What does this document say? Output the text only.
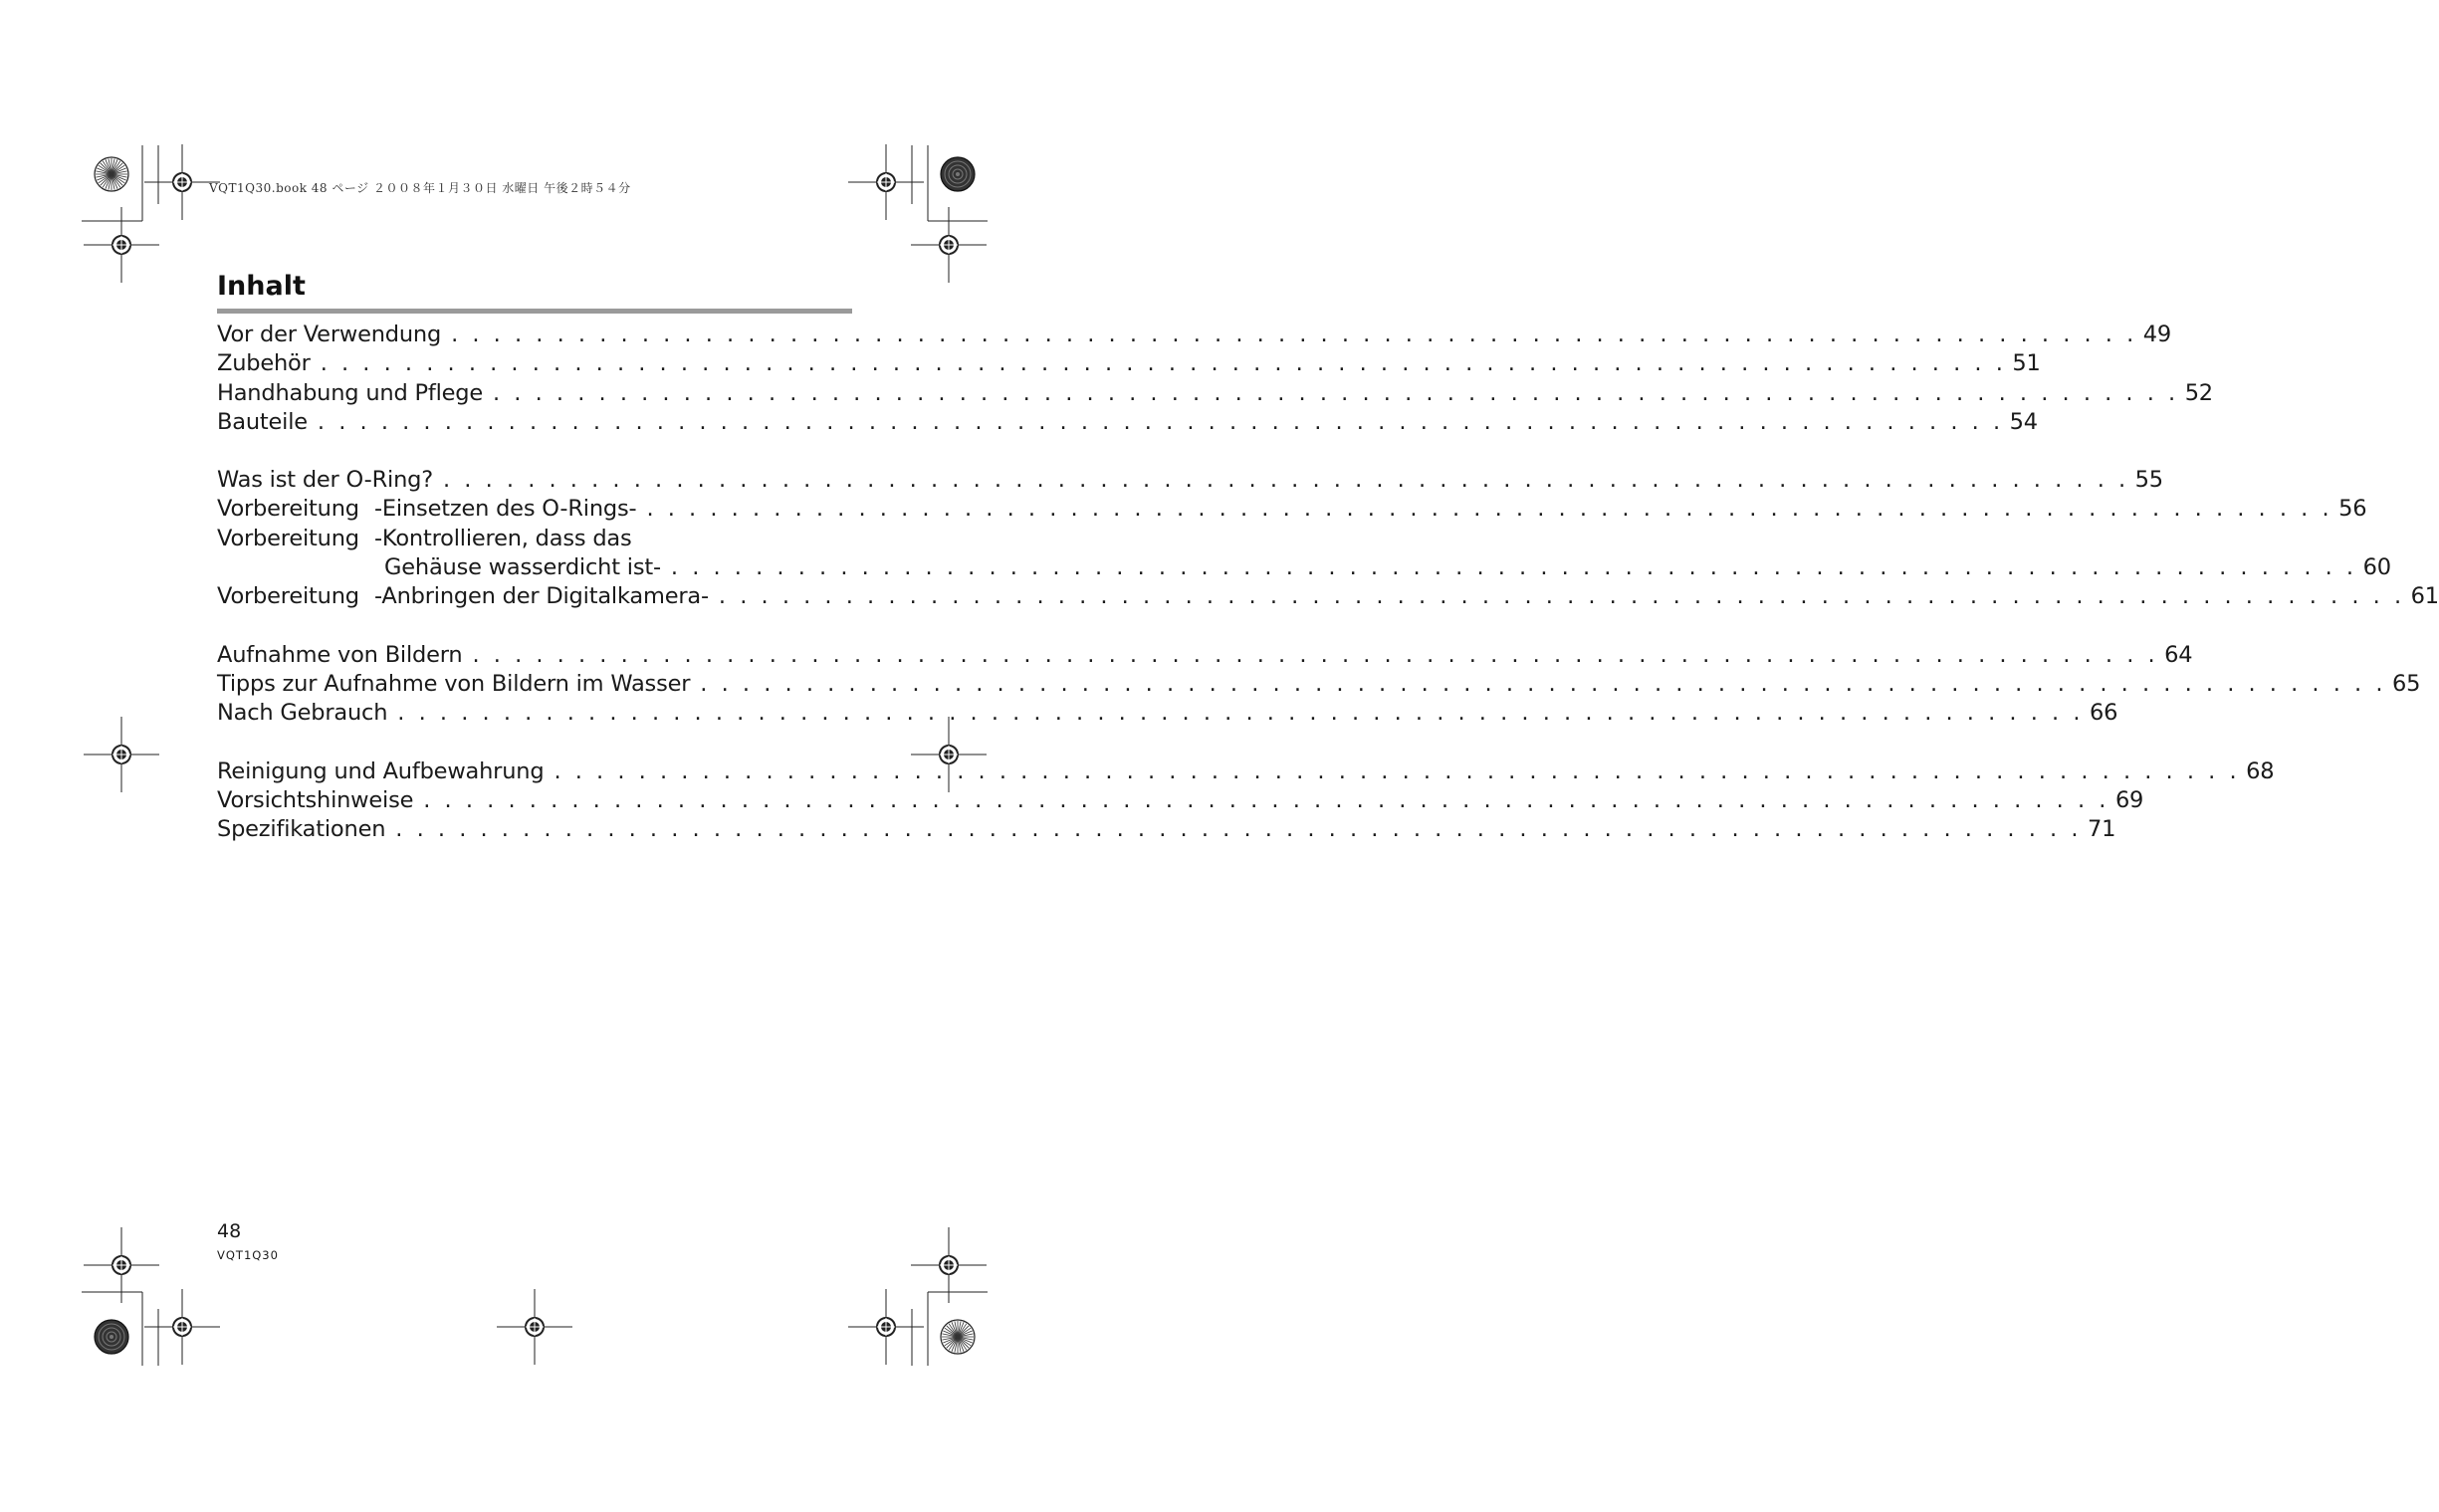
VQT1Q30.book 48 ページ ２００８年１月３０日 水曜日 午後２時５４分
Inhalt
Vor der Verwendung . . . . . . . . . . . . . . . . . . . . . . . . . . . . . . . . . . . . . . . . . . . . . . . . . . . . . . . . . . . . . . . . . . . . . . . . . . . . . . . . 49
Zubehör . . . . . . . . . . . . . . . . . . . . . . . . . . . . . . . . . . . . . . . . . . . . . . . . . . . . . . . . . . . . . . . . . . . . . . . . . . . . . . . . 51
Handhabung und Pflege . . . . . . . . . . . . . . . . . . . . . . . . . . . . . . . . . . . . . . . . . . . . . . . . . . . . . . . . . . . . . . . . . . . . . . . . . . . . . . . . 52
Bauteile . . . . . . . . . . . . . . . . . . . . . . . . . . . . . . . . . . . . . . . . . . . . . . . . . . . . . . . . . . . . . . . . . . . . . . . . . . . . . . . . 54
Was ist der O-Ring? . . . . . . . . . . . . . . . . . . . . . . . . . . . . . . . . . . . . . . . . . . . . . . . . . . . . . . . . . . . . . . . . . . . . . . . . . . . . . . . . 55
Vorbereitung -Einsetzen des O-Rings- . . . . . . . . . . . . . . . . . . . . . . . . . . . . . . . . . . . . . . . . . . . . . . . . . . . . . . . . . . . . . . . . . . . . . . . . . . . . . . . . 56
Vorbereitung -Kontrollieren, dass das
Gehäuse wasserdicht ist- . . . . . . . . . . . . . . . . . . . . . . . . . . . . . . . . . . . . . . . . . . . . . . . . . . . . . . . . . . . . . . . . . . . . . . . . . . . . . . . . 60
Vorbereitung -Anbringen der Digitalkamera- . . . . . . . . . . . . . . . . . . . . . . . . . . . . . . . . . . . . . . . . . . . . . . . . . . . . . . . . . . . . . . . . . . . . . . . . . . . . . . . . 61
Aufnahme von Bildern . . . . . . . . . . . . . . . . . . . . . . . . . . . . . . . . . . . . . . . . . . . . . . . . . . . . . . . . . . . . . . . . . . . . . . . . . . . . . . . . 64
Tipps zur Aufnahme von Bildern im Wasser . . . . . . . . . . . . . . . . . . . . . . . . . . . . . . . . . . . . . . . . . . . . . . . . . . . . . . . . . . . . . . . . . . . . . . . . . . . . . . . . 65
Nach Gebrauch . . . . . . . . . . . . . . . . . . . . . . . . . . . . . . . . . . . . . . . . . . . . . . . . . . . . . . . . . . . . . . . . . . . . . . . . . . . . . . . . 66
Reinigung und Aufbewahrung . . . . . . . . . . . . . . . . . . . . . . . . . . . . . . . . . . . . . . . . . . . . . . . . . . . . . . . . . . . . . . . . . . . . . . . . . . . . . . . . 68
Vorsichtshinweise . . . . . . . . . . . . . . . . . . . . . . . . . . . . . . . . . . . . . . . . . . . . . . . . . . . . . . . . . . . . . . . . . . . . . . . . . . . . . . . . 69
Spezifikationen . . . . . . . . . . . . . . . . . . . . . . . . . . . . . . . . . . . . . . . . . . . . . . . . . . . . . . . . . . . . . . . . . . . . . . . . . . . . . . . . 71
48
VQT1Q30
